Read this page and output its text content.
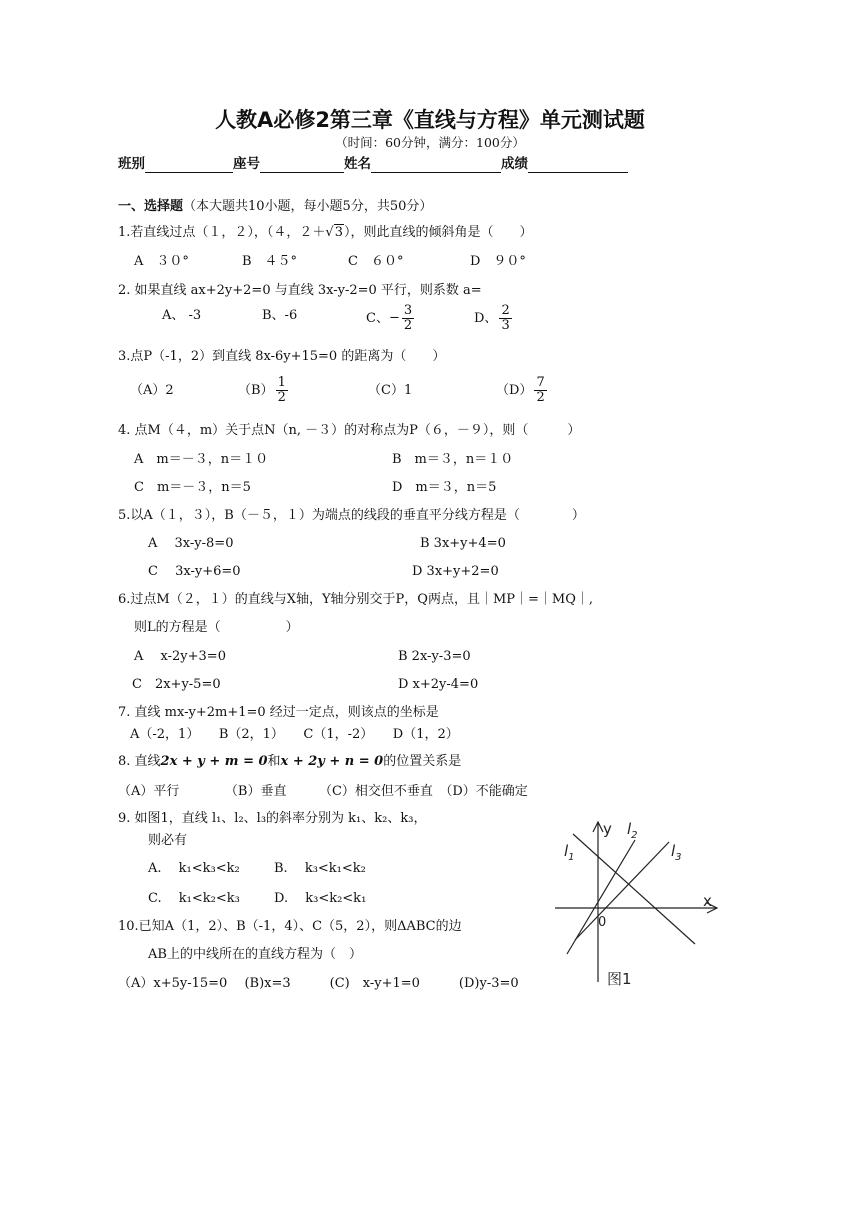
人教A必修2第三章《直线与方程》单元测试题
（时间：60分钟，满分：100分）
班别	座号	姓名	成绩
一、选择题（本大题共10小题，每小题5分，共50分）
1.若直线过点（１，２），（４，２＋√3），则此直线的倾斜角是（　　）
A　３０°	B　４５°	C　６０°	D　９０°
2. 如果直线 ax+2y+2=0 与直线 3x-y-2=0 平行，则系数 a=
A、 -3	B、-6	C、− $\frac{3}{2}$	D、 $\frac{2}{3}$
3.点P（-1，2）到直线 8x-6y+15=0 的距离为（　　）
（A）2	$(B) \frac{1}{2}$	（C）1	$(D) \frac{7}{2}$
4. 点M（４，m）关于点N（n, －３）的对称点为P（６，－９），则（　　　）
A　m＝－３，n＝１０	B　m＝３，n＝１０
C　m＝－３，n＝5	D　m＝３，n＝5
5.以A（１，３），B（－５，１）为端点的线段的垂直平分线方程是（　　　　）
A　 3x-y-8=0	B 3x+y+4=0
C　 3x-y+6=0	D 3x+y+2=0
6.过点M（２，１）的直线与X轴，Y轴分别交于P，Q两点，且｜MP｜=｜MQ｜,
则L的方程是（　　　　　）
A　 x-2y+3=0	B 2x-y-3=0
C　2x+y-5=0	D x+2y-4=0
7. 直线 mx-y+2m+1=0 经过一定点，则该点的坐标是
A（-2，1）　　B（2，1）　　C（1，-2）　　D（1，2）
8. 直线2x + y + m = 0和x + 2y + n = 0的位置关系是
（A）平行　　　　（B）垂直　　　（C）相交但不垂直　（D）不能确定
9. 如图1，直线 l₁、l₂、l₃的斜率分别为 k₁、k₂、k₃，
则必有
A.　 k₁<k₃<k₂	B.　 k₃<k₁<k₂
C.　 k₁<k₂<k₃	D.　 k₃<k₂<k₁
10.已知A（1，2）、B（-1，4）、C（5，2），则ΔABC的边
AB上的中线所在的直线方程为（　）
（A）x+5y-15=0　 (B)x=3　　　(C)　x-y+1=0　　　(D)y-3=0
y
x
0
$l_1$
$l_2$
$l_3$
图1
